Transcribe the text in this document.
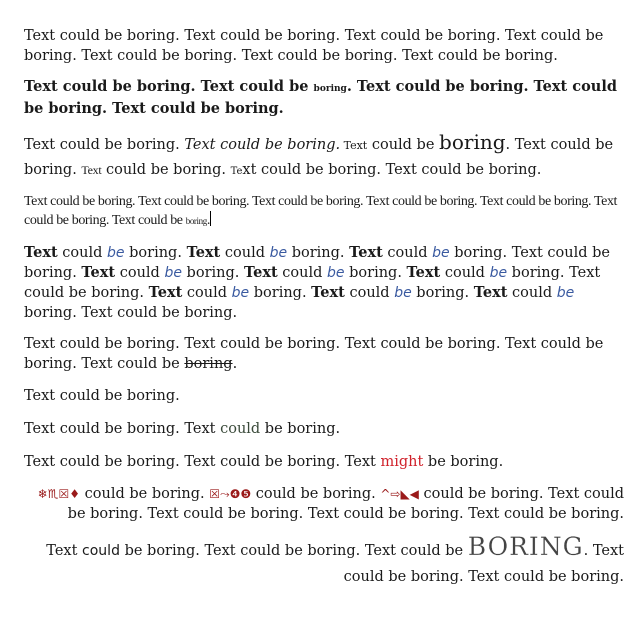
Text could be boring. Text could be boring. Text could be boring. Text could be boring. Text could be boring. Text could be boring. Text could be boring.

Text could be boring. Text could be boring. Text could be boring. Text could be boring. Text could be boring.

Text could be boring. Text could be boring. Text could be boring. Text could be boring. Text could be boring. Text could be boring. Text could be boring.

Text could be boring. Text could be boring. Text could be boring. Text could be boring. Text could be boring. Text could be boring. Text could be boring.

Text could be boring. Text could be boring. Text could be boring. Text could be boring. Text could be boring. Text could be boring. Text could be boring. Text could be boring. Text could be boring. Text could be boring. Text could be boring. Text could be boring.

Text could be boring. Text could be boring. Text could be boring. Text could be boring. Text could be boring.

Text could be boring.

Text could be boring. Text could be boring.

Text could be boring. Text could be boring. Text might be boring.

❄♏☒♦ could be boring. ☒⤳❹❺ could be boring. ^⇨◣◀ could be boring. Text could be boring. Text could be boring. Text could be boring. Text could be boring.

Text could be boring. Text could be boring. Text could be BORING. Text could be boring. Text could be boring.
